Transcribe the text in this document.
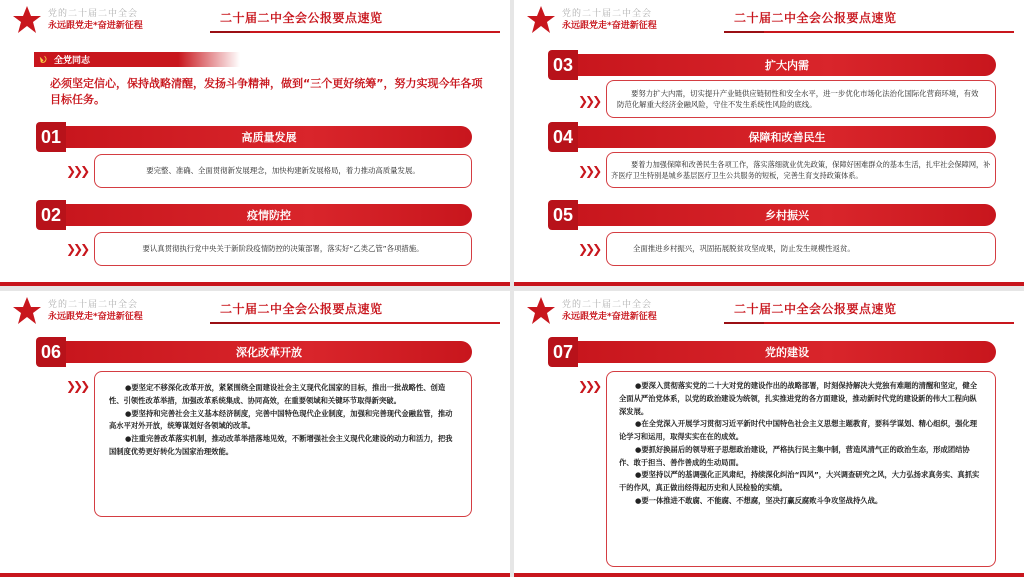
党的二十届二中全会
永远跟党走*奋进新征程
二十届二中全会公报要点速览
全党同志
必须坚定信心，保持战略清醒，发扬斗争精神，做到“三个更好统筹”，努力实现今年各项目标任务。
01	高质量发展
❯❯❯	要完整、准确、全面贯彻新发展理念，加快构建新发展格局，着力推动高质量发展。

02	疫情防控
❯❯❯	要认真贯彻执行党中央关于新阶段疫情防控的决策部署，落实好“乙类乙管”各项措施。

党的二十届二中全会
永远跟党走*奋进新征程
二十届二中全会公报要点速览
03	扩大内需
❯❯❯

要努力扩大内需，切实提升产业链供应链韧性和安全水平，进一步优化市场化法治化国际化营商环境，有效防范化解重大经济金融风险，守住不发生系统性风险的底线。

04	保障和改善民生
❯❯❯	要着力加强保障和改善民生各项工作，落实落细就业优先政策，保障好困难群众的基本生活，扎牢社会保障网，补齐医疗卫生特别是城乡基层医疗卫生公共服务的短板，完善生育支持政策体系。

05	乡村振兴
❯❯❯	全面推进乡村振兴，巩固拓展脱贫攻坚成果，防止发生规模性返贫。

党的二十届二中全会
永远跟党走*奋进新征程
二十届二中全会公报要点速览
06	深化改革开放
❯❯❯	●要坚定不移深化改革开放，紧紧围绕全面建设社会主义现代化国家的目标，推出一批战略性、创造性、引领性改革举措，加强改革系统集成、协同高效，在重要领域和关键环节取得新突破。

●要坚持和完善社会主义基本经济制度，完善中国特色现代企业制度，加强和完善现代金融监管，推动高水平对外开放，统筹谋划好各领域的改革。

●注重完善改革落实机制，推动改革举措落地见效，不断增强社会主义现代化建设的动力和活力，把我国制度优势更好转化为国家治理效能。

党的二十届二中全会
永远跟党走*奋进新征程
二十届二中全会公报要点速览
07	党的建设
❯❯❯	●要深入贯彻落实党的二十大对党的建设作出的战略部署，时刻保持解决大党独有难题的清醒和坚定，健全全面从严治党体系，以党的政治建设为统领，扎实推进党的各方面建设，推动新时代党的建设新的伟大工程向纵深发展。

●在全党深入开展学习贯彻习近平新时代中国特色社会主义思想主题教育，要科学谋划、精心组织，强化理论学习和运用，取得实实在在的成效。

●要抓好换届后的领导班子思想政治建设，严格执行民主集中制，营造风清气正的政治生态，形成团结协作、敢于担当、善作善成的生动局面。

●要坚持以严的基调强化正风肃纪，持续深化纠治“四风”，大兴调查研究之风，大力弘扬求真务实、真抓实干的作风，真正做出经得起历史和人民检验的实绩。

●要一体推进不敢腐、不能腐、不想腐，坚决打赢反腐败斗争攻坚战持久战。
